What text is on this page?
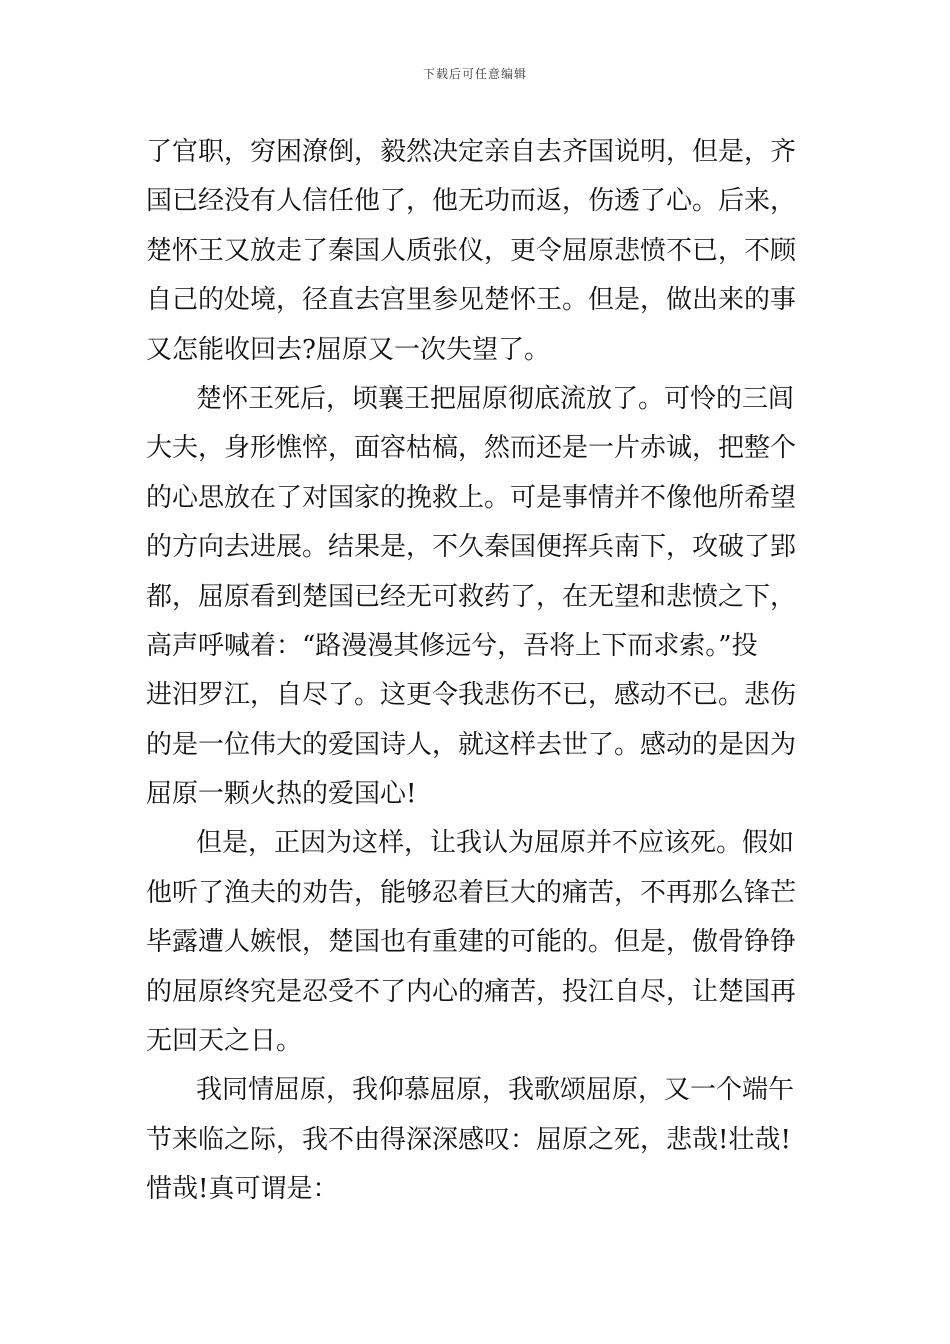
下载后可任意编辑
了官职，穷困潦倒，毅然决定亲自去齐国说明，但是，齐
国已经没有人信任他了，他无功而返，伤透了心。后来，
楚怀王又放走了秦国人质张仪，更令屈原悲愤不已，不顾
自己的处境，径直去宫里参见楚怀王。但是，做出来的事
又怎能收回去?屈原又一次失望了。
楚怀王死后，顷襄王把屈原彻底流放了。可怜的三闾
大夫，身形憔悴，面容枯槁，然而还是一片赤诚，把整个
的心思放在了对国家的挽救上。可是事情并不像他所希望
的方向去进展。结果是，不久秦国便挥兵南下，攻破了郢
都，屈原看到楚国已经无可救药了，在无望和悲愤之下，
高声呼喊着：“路漫漫其修远兮，吾将上下而求索。”投
进汨罗江，自尽了。这更令我悲伤不已，感动不已。悲伤
的是一位伟大的爱国诗人，就这样去世了。感动的是因为
屈原一颗火热的爱国心!
但是，正因为这样，让我认为屈原并不应该死。假如
他听了渔夫的劝告，能够忍着巨大的痛苦，不再那么锋芒
毕露遭人嫉恨，楚国也有重建的可能的。但是，傲骨铮铮
的屈原终究是忍受不了内心的痛苦，投江自尽，让楚国再
无回天之日。
我同情屈原，我仰慕屈原，我歌颂屈原，又一个端午
节来临之际，我不由得深深感叹：屈原之死，悲哉!壮哉!
惜哉!真可谓是：
